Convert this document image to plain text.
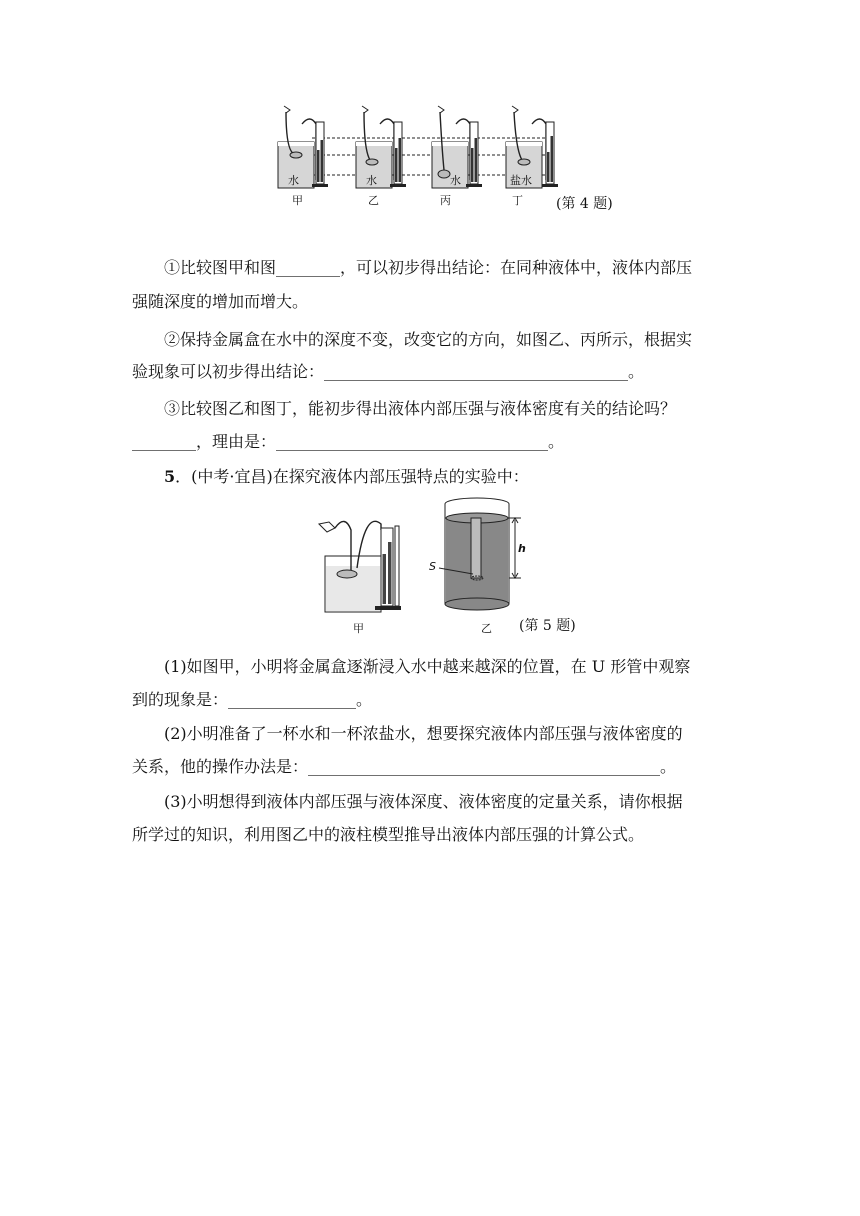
水	水	水	盐水
甲	乙	丙	丁 (第 4 题)
①比较图甲和图________，可以初步得出结论：在同种液体中，液体内部压
强随深度的增加而增大。
②保持金属盒在水中的深度不变，改变它的方向，如图乙、丙所示，根据实
验现象可以初步得出结论：______________________________________。
③比较图乙和图丁，能初步得出液体内部压强与液体密度有关的结论吗？
________，理由是：__________________________________。
5．(中考·宜昌)在探究液体内部压强特点的实验中：
h
S
甲	乙 (第 5 题)
(1)如图甲，小明将金属盒逐渐浸入水中越来越深的位置，在 U 形管中观察
到的现象是：________________。
(2)小明准备了一杯水和一杯浓盐水，想要探究液体内部压强与液体密度的
关系，他的操作办法是：____________________________________________。
(3)小明想得到液体内部压强与液体深度、液体密度的定量关系，请你根据
所学过的知识，利用图乙中的液柱模型推导出液体内部压强的计算公式。
